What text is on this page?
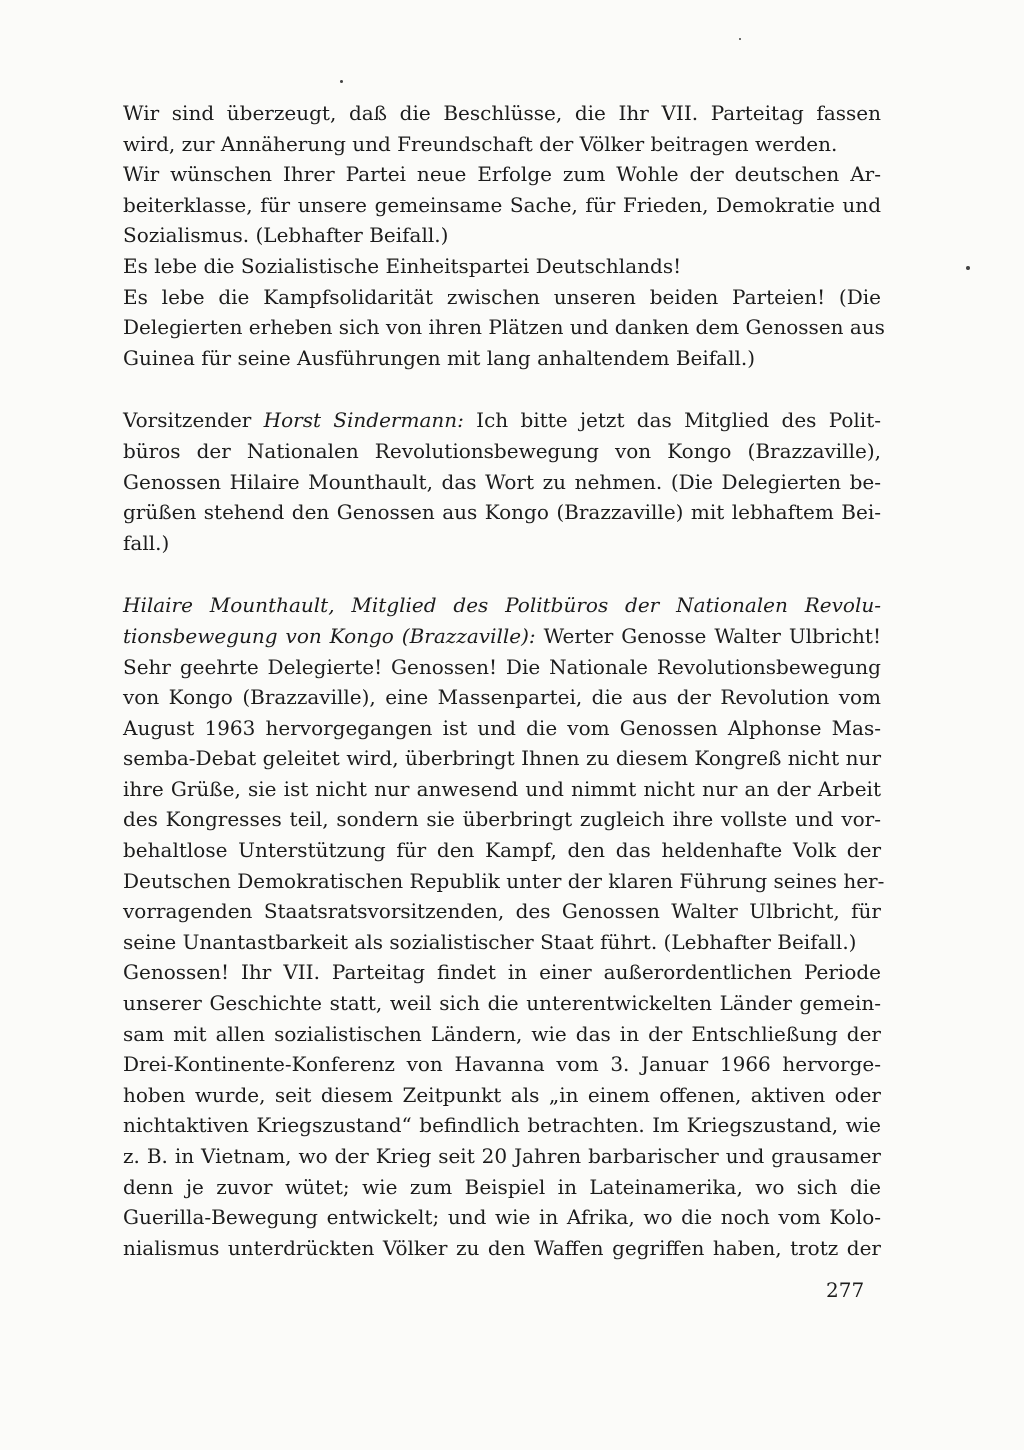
Wir sind überzeugt, daß die Beschlüsse, die Ihr VII. Parteitag fassen
wird, zur Annäherung und Freundschaft der Völker beitragen werden.
Wir wünschen Ihrer Partei neue Erfolge zum Wohle der deutschen Ar-
beiterklasse, für unsere gemeinsame Sache, für Frieden, Demokratie und
Sozialismus. (Lebhafter Beifall.)
Es lebe die Sozialistische Einheitspartei Deutschlands!
Es lebe die Kampfsolidarität zwischen unseren beiden Parteien! (Die
Delegierten erheben sich von ihren Plätzen und danken dem Genossen aus
Guinea für seine Ausführungen mit lang anhaltendem Beifall.)
Vorsitzender Horst Sindermann: Ich bitte jetzt das Mitglied des Polit-
büros der Nationalen Revolutionsbewegung von Kongo (Brazzaville),
Genossen Hilaire Mounthault, das Wort zu nehmen. (Die Delegierten be-
grüßen stehend den Genossen aus Kongo (Brazzaville) mit lebhaftem Bei-
fall.)
Hilaire Mounthault, Mitglied des Politbüros der Nationalen Revolu-
tionsbewegung von Kongo (Brazzaville): Werter Genosse Walter Ulbricht!
Sehr geehrte Delegierte! Genossen! Die Nationale Revolutionsbewegung
von Kongo (Brazzaville), eine Massenpartei, die aus der Revolution vom
August 1963 hervorgegangen ist und die vom Genossen Alphonse Mas-
semba-Debat geleitet wird, überbringt Ihnen zu diesem Kongreß nicht nur
ihre Grüße, sie ist nicht nur anwesend und nimmt nicht nur an der Arbeit
des Kongresses teil, sondern sie überbringt zugleich ihre vollste und vor-
behaltlose Unterstützung für den Kampf, den das heldenhafte Volk der
Deutschen Demokratischen Republik unter der klaren Führung seines her-
vorragenden Staatsratsvorsitzenden, des Genossen Walter Ulbricht, für
seine Unantastbarkeit als sozialistischer Staat führt. (Lebhafter Beifall.)
Genossen! Ihr VII. Parteitag findet in einer außerordentlichen Periode
unserer Geschichte statt, weil sich die unterentwickelten Länder gemein-
sam mit allen sozialistischen Ländern, wie das in der Entschließung der
Drei-Kontinente-Konferenz von Havanna vom 3. Januar 1966 hervorge-
hoben wurde, seit diesem Zeitpunkt als „in einem offenen, aktiven oder
nichtaktiven Kriegszustand“ befindlich betrachten. Im Kriegszustand, wie
z. B. in Vietnam, wo der Krieg seit 20 Jahren barbarischer und grausamer
denn je zuvor wütet; wie zum Beispiel in Lateinamerika, wo sich die
Guerilla-Bewegung entwickelt; und wie in Afrika, wo die noch vom Kolo-
nialismus unterdrückten Völker zu den Waffen gegriffen haben, trotz der
277
